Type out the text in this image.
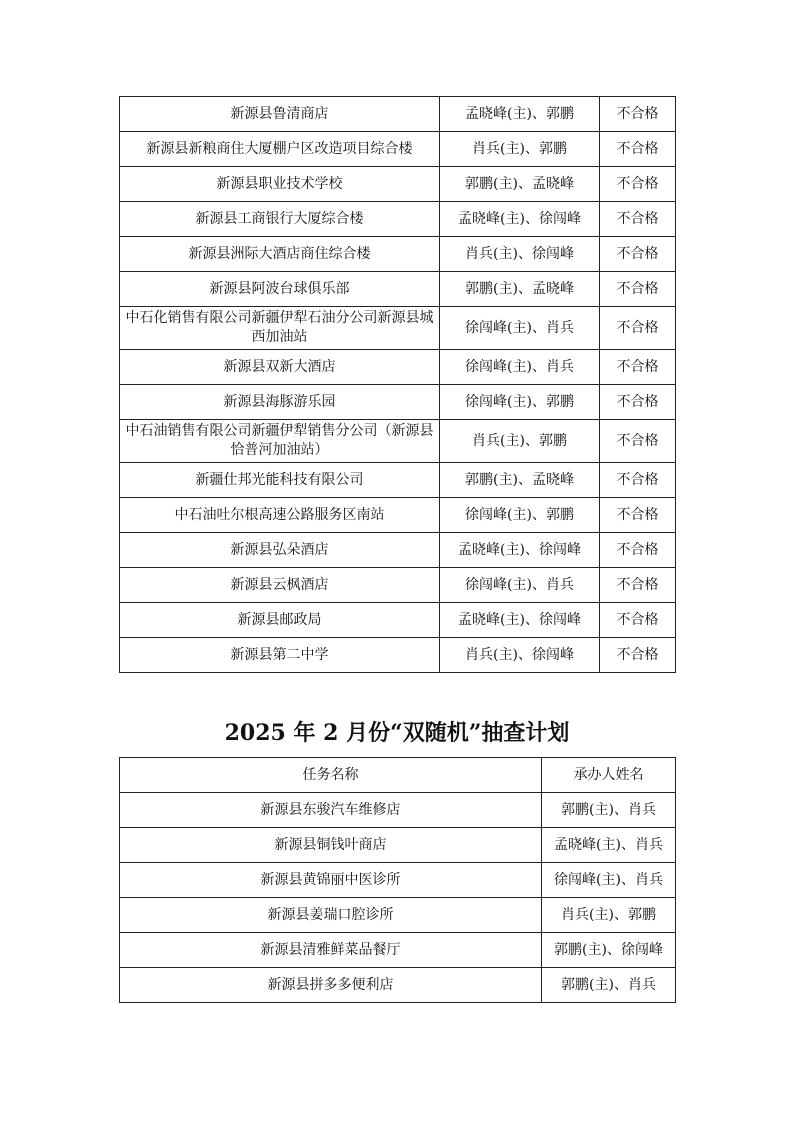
新源县鲁清商店	孟晓峰(主)、郭鹏	不合格
新源县新粮商住大厦棚户区改造项目综合楼	肖兵(主)、郭鹏	不合格
新源县职业技术学校	郭鹏(主)、孟晓峰	不合格
新源县工商银行大厦综合楼	孟晓峰(主)、徐闯峰	不合格
新源县洲际大酒店商住综合楼	肖兵(主)、徐闯峰	不合格
新源县阿波台球俱乐部	郭鹏(主)、孟晓峰	不合格
中石化销售有限公司新疆伊犁石油分公司新源县城西加油站	徐闯峰(主)、肖兵	不合格
新源县双新大酒店	徐闯峰(主)、肖兵	不合格
新源县海豚游乐园	徐闯峰(主)、郭鹏	不合格
中石油销售有限公司新疆伊犁销售分公司（新源县恰普河加油站）	肖兵(主)、郭鹏	不合格
新疆仕邦光能科技有限公司	郭鹏(主)、孟晓峰	不合格
中石油吐尔根高速公路服务区南站	徐闯峰(主)、郭鹏	不合格
新源县弘朵酒店	孟晓峰(主)、徐闯峰	不合格
新源县云枫酒店	徐闯峰(主)、肖兵	不合格
新源县邮政局	孟晓峰(主)、徐闯峰	不合格
新源县第二中学	肖兵(主)、徐闯峰	不合格
2025 年 2 月份“双随机”抽查计划
任务名称	承办人姓名
新源县东骏汽车维修店	郭鹏(主)、肖兵
新源县铜钱叶商店	孟晓峰(主)、肖兵
新源县黄锦丽中医诊所	徐闯峰(主)、肖兵
新源县姜瑞口腔诊所	肖兵(主)、郭鹏
新源县清雅鲜菜品餐厅	郭鹏(主)、徐闯峰
新源县拼多多便利店	郭鹏(主)、肖兵
